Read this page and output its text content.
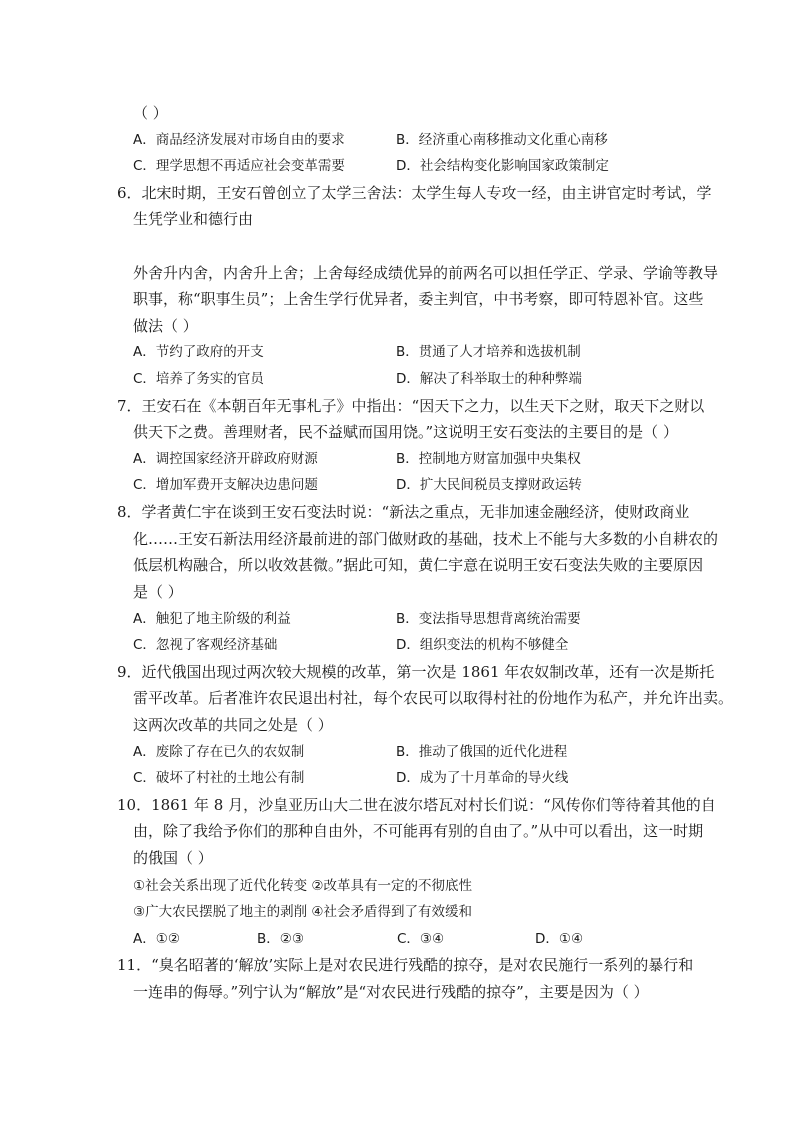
（ ）
A．商品经济发展对市场自由的要求	B．经济重心南移推动文化重心南移
C．理学思想不再适应社会变革需要	D．社会结构变化影响国家政策制定
6．北宋时期，王安石曾创立了太学三舍法：太学生每人专攻一经，由主讲官定时考试，学
生凭学业和德行由
外舍升内舍，内舍升上舍；上舍每经成绩优异的前两名可以担任学正、学录、学谕等教导
职事，称“职事生员”；上舍生学行优异者，委主判官，中书考察，即可特恩补官。这些
做法（ ）
A．节约了政府的开支	B．贯通了人才培养和选拔机制
C．培养了务实的官员	D．解决了科举取士的种种弊端
7．王安石在《本朝百年无事札子》中指出：“因天下之力，以生天下之财，取天下之财以
供天下之费。善理财者，民不益赋而国用饶。”这说明王安石变法的主要目的是（ ）
A．调控国家经济开辟政府财源	B．控制地方财富加强中央集权
C．增加军费开支解决边患问题	D．扩大民间税员支撑财政运转
8．学者黄仁宇在谈到王安石变法时说：“新法之重点，无非加速金融经济，使财政商业
化……王安石新法用经济最前进的部门做财政的基础，技术上不能与大多数的小自耕农的
低层机构融合，所以收效甚微。”据此可知，黄仁宇意在说明王安石变法失败的主要原因
是（ ）
A．触犯了地主阶级的利益	B．变法指导思想背离统治需要
C．忽视了客观经济基础	D．组织变法的机构不够健全
9．近代俄国出现过两次较大规模的改革，第一次是 1861 年农奴制改革，还有一次是斯托
雷平改革。后者准许农民退出村社，每个农民可以取得村社的份地作为私产，并允许出卖。
这两次改革的共同之处是（ ）
A．废除了存在已久的农奴制	B．推动了俄国的近代化进程
C．破坏了村社的土地公有制	D．成为了十月革命的导火线
10．1861 年 8 月，沙皇亚历山大二世在波尔塔瓦对村长们说：“风传你们等待着其他的自
由，除了我给予你们的那种自由外，不可能再有别的自由了。”从中可以看出，这一时期
的俄国（ ）
①社会关系出现了近代化转变 ②改革具有一定的不彻底性
③广大农民摆脱了地主的剥削 ④社会矛盾得到了有效缓和
A．①②	B．②③	C．③④	D．①④
11．“臭名昭著的‘解放’实际上是对农民进行残酷的掠夺，是对农民施行一系列的暴行和
一连串的侮辱。”列宁认为“解放”是“对农民进行残酷的掠夺”，主要是因为（ ）
